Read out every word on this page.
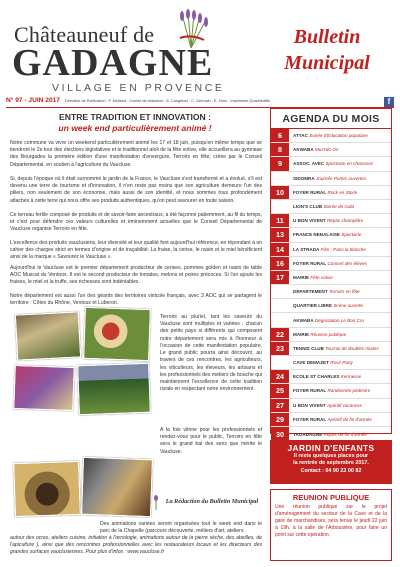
Châteauneuf de
GADAGNE
VILLAGE EN PROVENCE
Bulletin Municipal
N° 97 - JUIN 2017 Directeur de Publication : P. Molland - Comité de rédaction : A. Cangelosi - C. Germain - E. Klein - Imprimerie Quadriediffo	f
ENTRE TRADITION ET INNOVATION :
un week end particulièrement animé !

Notre commune va vivre un weekend particulièrement animé les 17 et 18 juin, puisqu'en même temps que se tiendront le 2e tour des élections législatives et le traditionnel aïoli de la fête votive, elle accueillera au gymnase des Bourgades la première édition d'une manifestation d'envergure, Terroirs en fête, créée par le Conseil Départemental, en soutien à l'agriculture du Vaucluse.

Si, depuis l'époque où il était surnommé le jardin de la France, le Vaucluse s'est transformé et a évolué, s'il est devenu une terre de tourisme et d'innovation, il n'en reste pas moins que son agriculture demeure l'un des piliers, non seulement de son économie, mais aussi de son identité, et nous sommes tous profondément attachés à cette terre qui nous offre ses produits authentiques, qu'on peut savourer en toute saison.

Ce terreau fertile composé de produits et de savoir-faire ancestraux, a été façonné patiemment, au fil du temps, et c'est pour défendre ces valeurs culturelles et éminemment actuelles que le Conseil Départemental de Vaucluse organise Terroirs en fête.

L'excellence des produits vauclusiens, leur diversité et leur qualité font aujourd'hui référence, en répondant à un cahier des charges strict en termes d'origine et de traçabilité. La fraise, la cerise, le raisin et le miel bénéficient ainsi de la marque « Savourez le Vaucluse ».

Aujourd'hui le Vaucluse est le premier département producteur de cerises, pommes golden et raisin de table AOC Muscat du Ventoux. Il est le second producteur de tomates, melons et poires précoces. Si l'on ajoute les fraises, le miel et la truffe, ses richesses sont indéniables.

Notre département est aussi l'un des géants des territoires vinicole français, avec 3 AOC qui se partagent le territoire : Côtes du Rhône, Ventoux et Luberon.

Terroirs au pluriel, tant les saveurs du Vaucluse sont multiples et variées : chacun des petits pays si différents qui composent notre département sera mis à l'honneur à l'occasion de cette manifestation populaire. Le grand public pourra ainsi découvrir, au travers de ces rencontres, les agriculteurs, les viticulteurs, les éleveurs, les artisans et les professionnels des métiers de bouche qui maintiennent l'excellence de cette tradition rurale en respectant notre environnement.

A la fois vitrine pour les professionnels et rendez-vous pour le public, Terroirs en fête sera le grand bal des sens que mérite le Vaucluse.

La Rédaction du Bulletin Municipal

Des animations variées seront organisées tout le week end dans le parc de la Chapelle (parcours découverte, métiers d'art, ateliers

autour des ocres, ateliers cuisine, initiation à l'œnologie, animations autour de la pierre sèche, des abeilles, de l'apiculture ), ainsi que des rencontres professionnelles avec les restaurateurs locaux et les directeurs des grandes surfaces vauclusiennes. Pour plus d'infos : www.vaucluse.fr

AGENDA DU MOIS
6	ATTAC Soirée d'Education populaire
8	AKWABA Must'do-On
9	ASSOC. AVEC Spectacle en chansons
SIDOMRA Journée Portes ouvertes
10	FOYER RURAL Rock en Stock
LION'S CLUB Soirée de Gala
11	U BON VIVENT Repas champêtre
13	FRANCE NENALAISE Spectacle
14	LA STRADA Film : Paris la blanche
16	FOYER RURAL Concert des élèves
17	MAIRIE Fête votive
DÉPARTEMENT Terroirs en fête
QUARTIER LIBRE Scène ouverte
AKWABA Dégustation Le Bon Cru
22	MAIRIE Réunion publique
23	TENNIS CLUB Tournoi de doubles mixtes
CAVE DEMAZET Rosé Party
24	ECOLE ST CHARLES Kermesse
25	FOYER RURAL Randonnée pédestre
27	U BON VIVENT Apéritif vacances
29	FOYER RURAL Apéritif de fin d'année
30	TAGADAGNE Repas de fin d'année
JARDIN D'ENFANTS
Il reste quelques places pour
la rentrée de septembre 2017.
Contact : 04 90 22 00 82
REUNION PUBLIQUE
Une réunion publique sur le projet d'aménagement du secteur de la Cave et de la gare de marchandises, sera tenue le jeudi 22 juin à 19h, à la salle de l'Arbousière, pour faire un point sur cette opération.
